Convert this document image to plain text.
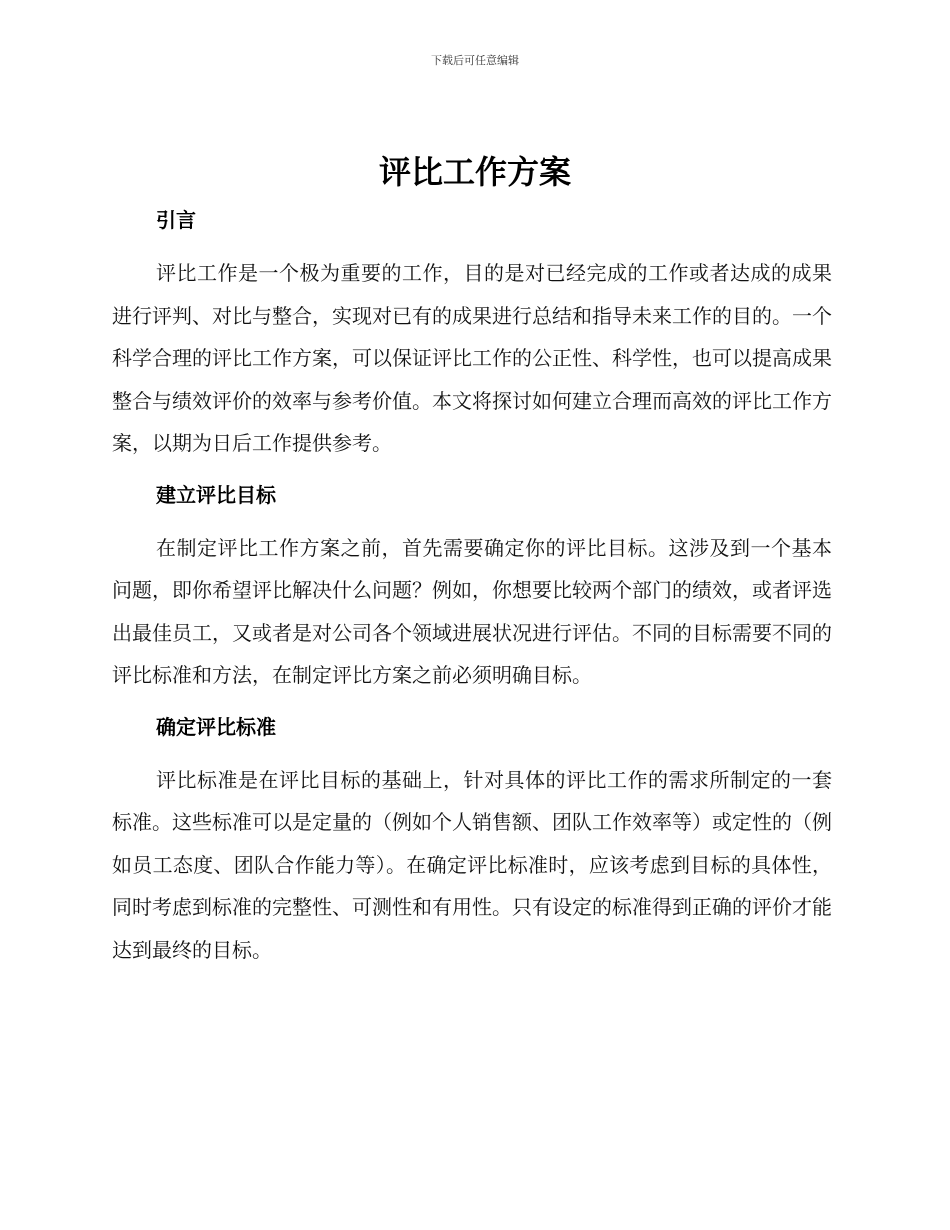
下载后可任意编辑
评比工作方案
引言

评比工作是一个极为重要的工作，目的是对已经完成的工作或者达成的成果进行评判、对比与整合，实现对已有的成果进行总结和指导未来工作的目的。一个科学合理的评比工作方案，可以保证评比工作的公正性、科学性，也可以提高成果整合与绩效评价的效率与参考价值。本文将探讨如何建立合理而高效的评比工作方案，以期为日后工作提供参考。

建立评比目标

在制定评比工作方案之前，首先需要确定你的评比目标。这涉及到一个基本问题，即你希望评比解决什么问题？例如，你想要比较两个部门的绩效，或者评选出最佳员工，又或者是对公司各个领域进展状况进行评估。不同的目标需要不同的评比标准和方法，在制定评比方案之前必须明确目标。

确定评比标准

评比标准是在评比目标的基础上，针对具体的评比工作的需求所制定的一套标准。这些标准可以是定量的（例如个人销售额、团队工作效率等）或定性的（例如员工态度、团队合作能力等）。在确定评比标准时，应该考虑到目标的具体性，同时考虑到标准的完整性、可测性和有用性。只有设定的标准得到正确的评价才能达到最终的目标。
